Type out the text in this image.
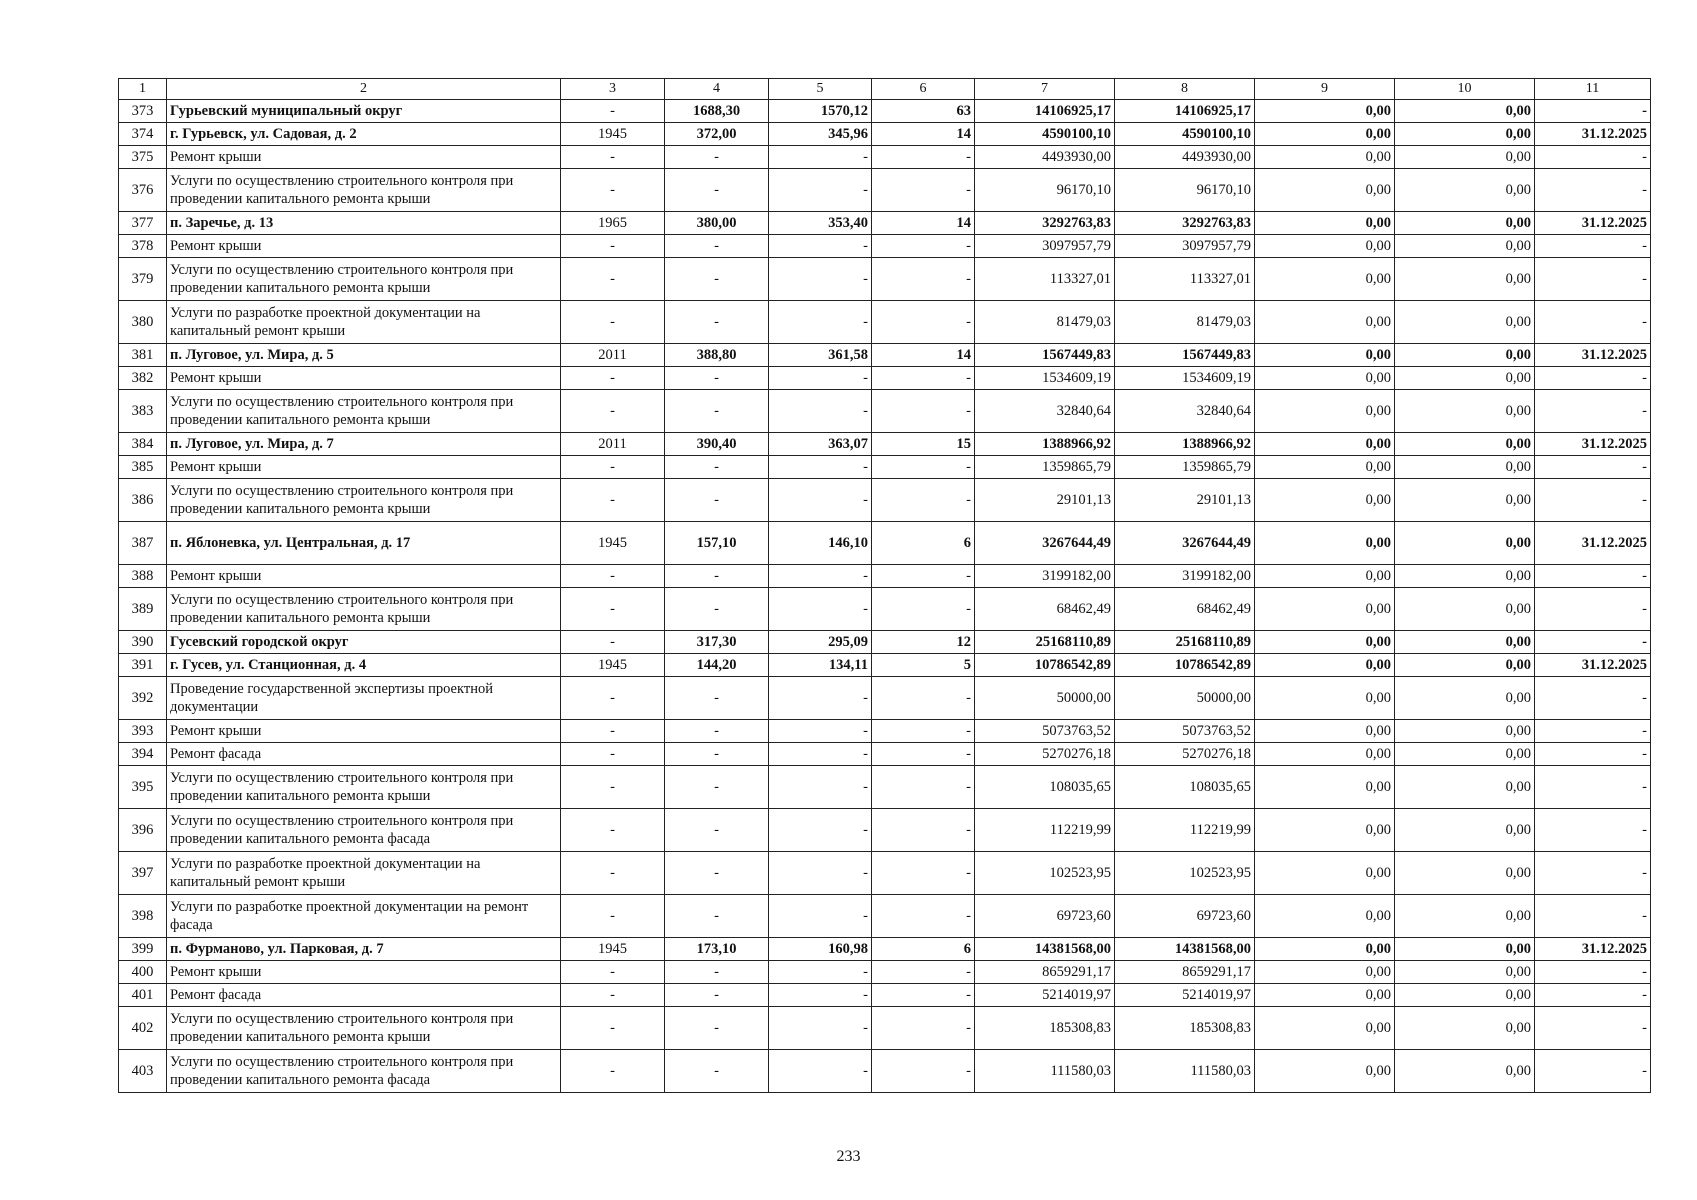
1	2	3	4	5	6	7	8	9	10	11
373	Гурьевский муниципальный округ	-	1688,30	1570,12	63	14106925,17	14106925,17	0,00	0,00	-
374	г. Гурьевск, ул. Садовая, д. 2	1945	372,00	345,96	14	4590100,10	4590100,10	0,00	0,00	31.12.2025
375	Ремонт крыши	-	-	-	-	4493930,00	4493930,00	0,00	0,00	-
376	Услуги по осуществлению строительного контроля при проведении капитального ремонта крыши	-	-	-	-	96170,10	96170,10	0,00	0,00	-
377	п. Заречье, д. 13	1965	380,00	353,40	14	3292763,83	3292763,83	0,00	0,00	31.12.2025
378	Ремонт крыши	-	-	-	-	3097957,79	3097957,79	0,00	0,00	-
379	Услуги по осуществлению строительного контроля при проведении капитального ремонта крыши	-	-	-	-	113327,01	113327,01	0,00	0,00	-
380	Услуги по разработке проектной документации на капитальный ремонт крыши	-	-	-	-	81479,03	81479,03	0,00	0,00	-
381	п. Луговое, ул. Мира, д. 5	2011	388,80	361,58	14	1567449,83	1567449,83	0,00	0,00	31.12.2025
382	Ремонт крыши	-	-	-	-	1534609,19	1534609,19	0,00	0,00	-
383	Услуги по осуществлению строительного контроля при проведении капитального ремонта крыши	-	-	-	-	32840,64	32840,64	0,00	0,00	-
384	п. Луговое, ул. Мира, д. 7	2011	390,40	363,07	15	1388966,92	1388966,92	0,00	0,00	31.12.2025
385	Ремонт крыши	-	-	-	-	1359865,79	1359865,79	0,00	0,00	-
386	Услуги по осуществлению строительного контроля при проведении капитального ремонта крыши	-	-	-	-	29101,13	29101,13	0,00	0,00	-
387	п. Яблоневка, ул. Центральная, д. 17	1945	157,10	146,10	6	3267644,49	3267644,49	0,00	0,00	31.12.2025
388	Ремонт крыши	-	-	-	-	3199182,00	3199182,00	0,00	0,00	-
389	Услуги по осуществлению строительного контроля при проведении капитального ремонта крыши	-	-	-	-	68462,49	68462,49	0,00	0,00	-
390	Гусевский городской округ	-	317,30	295,09	12	25168110,89	25168110,89	0,00	0,00	-
391	г. Гусев, ул. Станционная, д. 4	1945	144,20	134,11	5	10786542,89	10786542,89	0,00	0,00	31.12.2025
392	Проведение государственной экспертизы проектной документации	-	-	-	-	50000,00	50000,00	0,00	0,00	-
393	Ремонт крыши	-	-	-	-	5073763,52	5073763,52	0,00	0,00	-
394	Ремонт фасада	-	-	-	-	5270276,18	5270276,18	0,00	0,00	-
395	Услуги по осуществлению строительного контроля при проведении капитального ремонта крыши	-	-	-	-	108035,65	108035,65	0,00	0,00	-
396	Услуги по осуществлению строительного контроля при проведении капитального ремонта фасада	-	-	-	-	112219,99	112219,99	0,00	0,00	-
397	Услуги по разработке проектной документации на капитальный ремонт крыши	-	-	-	-	102523,95	102523,95	0,00	0,00	-
398	Услуги по разработке проектной документации на ремонт фасада	-	-	-	-	69723,60	69723,60	0,00	0,00	-
399	п. Фурманово, ул. Парковая, д. 7	1945	173,10	160,98	6	14381568,00	14381568,00	0,00	0,00	31.12.2025
400	Ремонт крыши	-	-	-	-	8659291,17	8659291,17	0,00	0,00	-
401	Ремонт фасада	-	-	-	-	5214019,97	5214019,97	0,00	0,00	-
402	Услуги по осуществлению строительного контроля при проведении капитального ремонта крыши	-	-	-	-	185308,83	185308,83	0,00	0,00	-
403	Услуги по осуществлению строительного контроля при проведении капитального ремонта фасада	-	-	-	-	111580,03	111580,03	0,00	0,00	-
233
